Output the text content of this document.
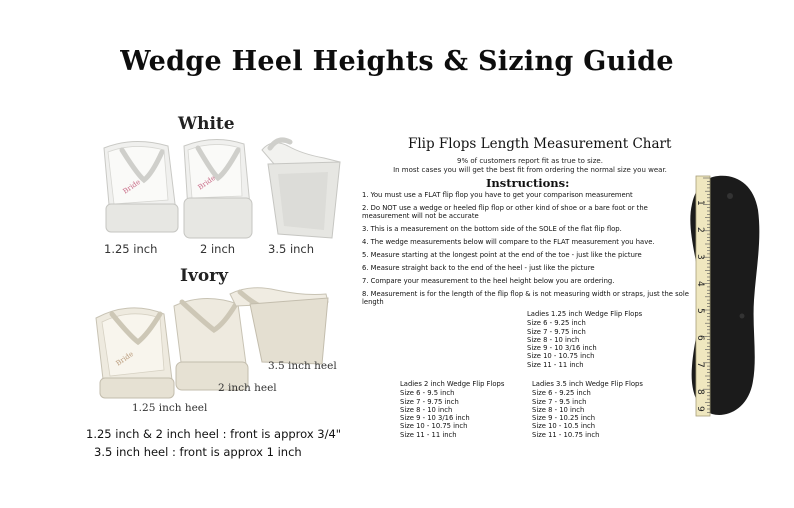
Wedge Heel Heights & Sizing Guide
White
Bride	Bride
1.25 inch	2 inch	3.5 inch
Ivory
Bride
1.25 inch heel
2 inch heel
3.5 inch heel
1.25 inch & 2 inch heel : front is approx 3/4"
3.5 inch heel : front is approx 1 inch
Flip Flops Length Measurement Chart
9% of customers report fit as true to size.
In most cases you will get the best fit from ordering the normal size you wear.
Instructions:
1. You must use a FLAT flip flop you have to get your comparison measurement
2. Do NOT use a wedge or heeled flip flop or other kind of shoe or a bare foot or the measurement will not be accurate
3. This is a measurement on the bottom side of the SOLE of the flat flip flop.
4. The wedge measurements below will compare to the FLAT measurement you have.
5. Measure starting at the longest point at the end of the toe - just like the picture
6. Measure straight back to the end of the heel - just like the picture
7. Compare your measurement to the heel height below you are ordering.
8. Measurement is for the length of the flip flop & is not measuring width or straps, just the sole length
Ladies 1.25 inch Wedge Flip Flops
Size 6 - 9.25 inch
Size 7 - 9.75 inch
Size 8 - 10 inch
Size 9 - 10 3/16 inch
Size 10 - 10.75 inch
Size 11 - 11 inch
Ladies 2 inch Wedge Flip Flops
Size 6 - 9.5 inch
Size 7 - 9.75 inch
Size 8 - 10 inch
Size 9 - 10 3/16 inch
Size 10 - 10.75 inch
Size 11 - 11 inch
Ladies 3.5 inch Wedge Flip Flops
Size 6 - 9.25 inch
Size 7 - 9.5 inch
Size 8 - 10 inch
Size 9 - 10.25 inch
Size 10 - 10.5 inch
Size 11 - 10.75 inch
1
2
3
4
5
6
7
8
9
